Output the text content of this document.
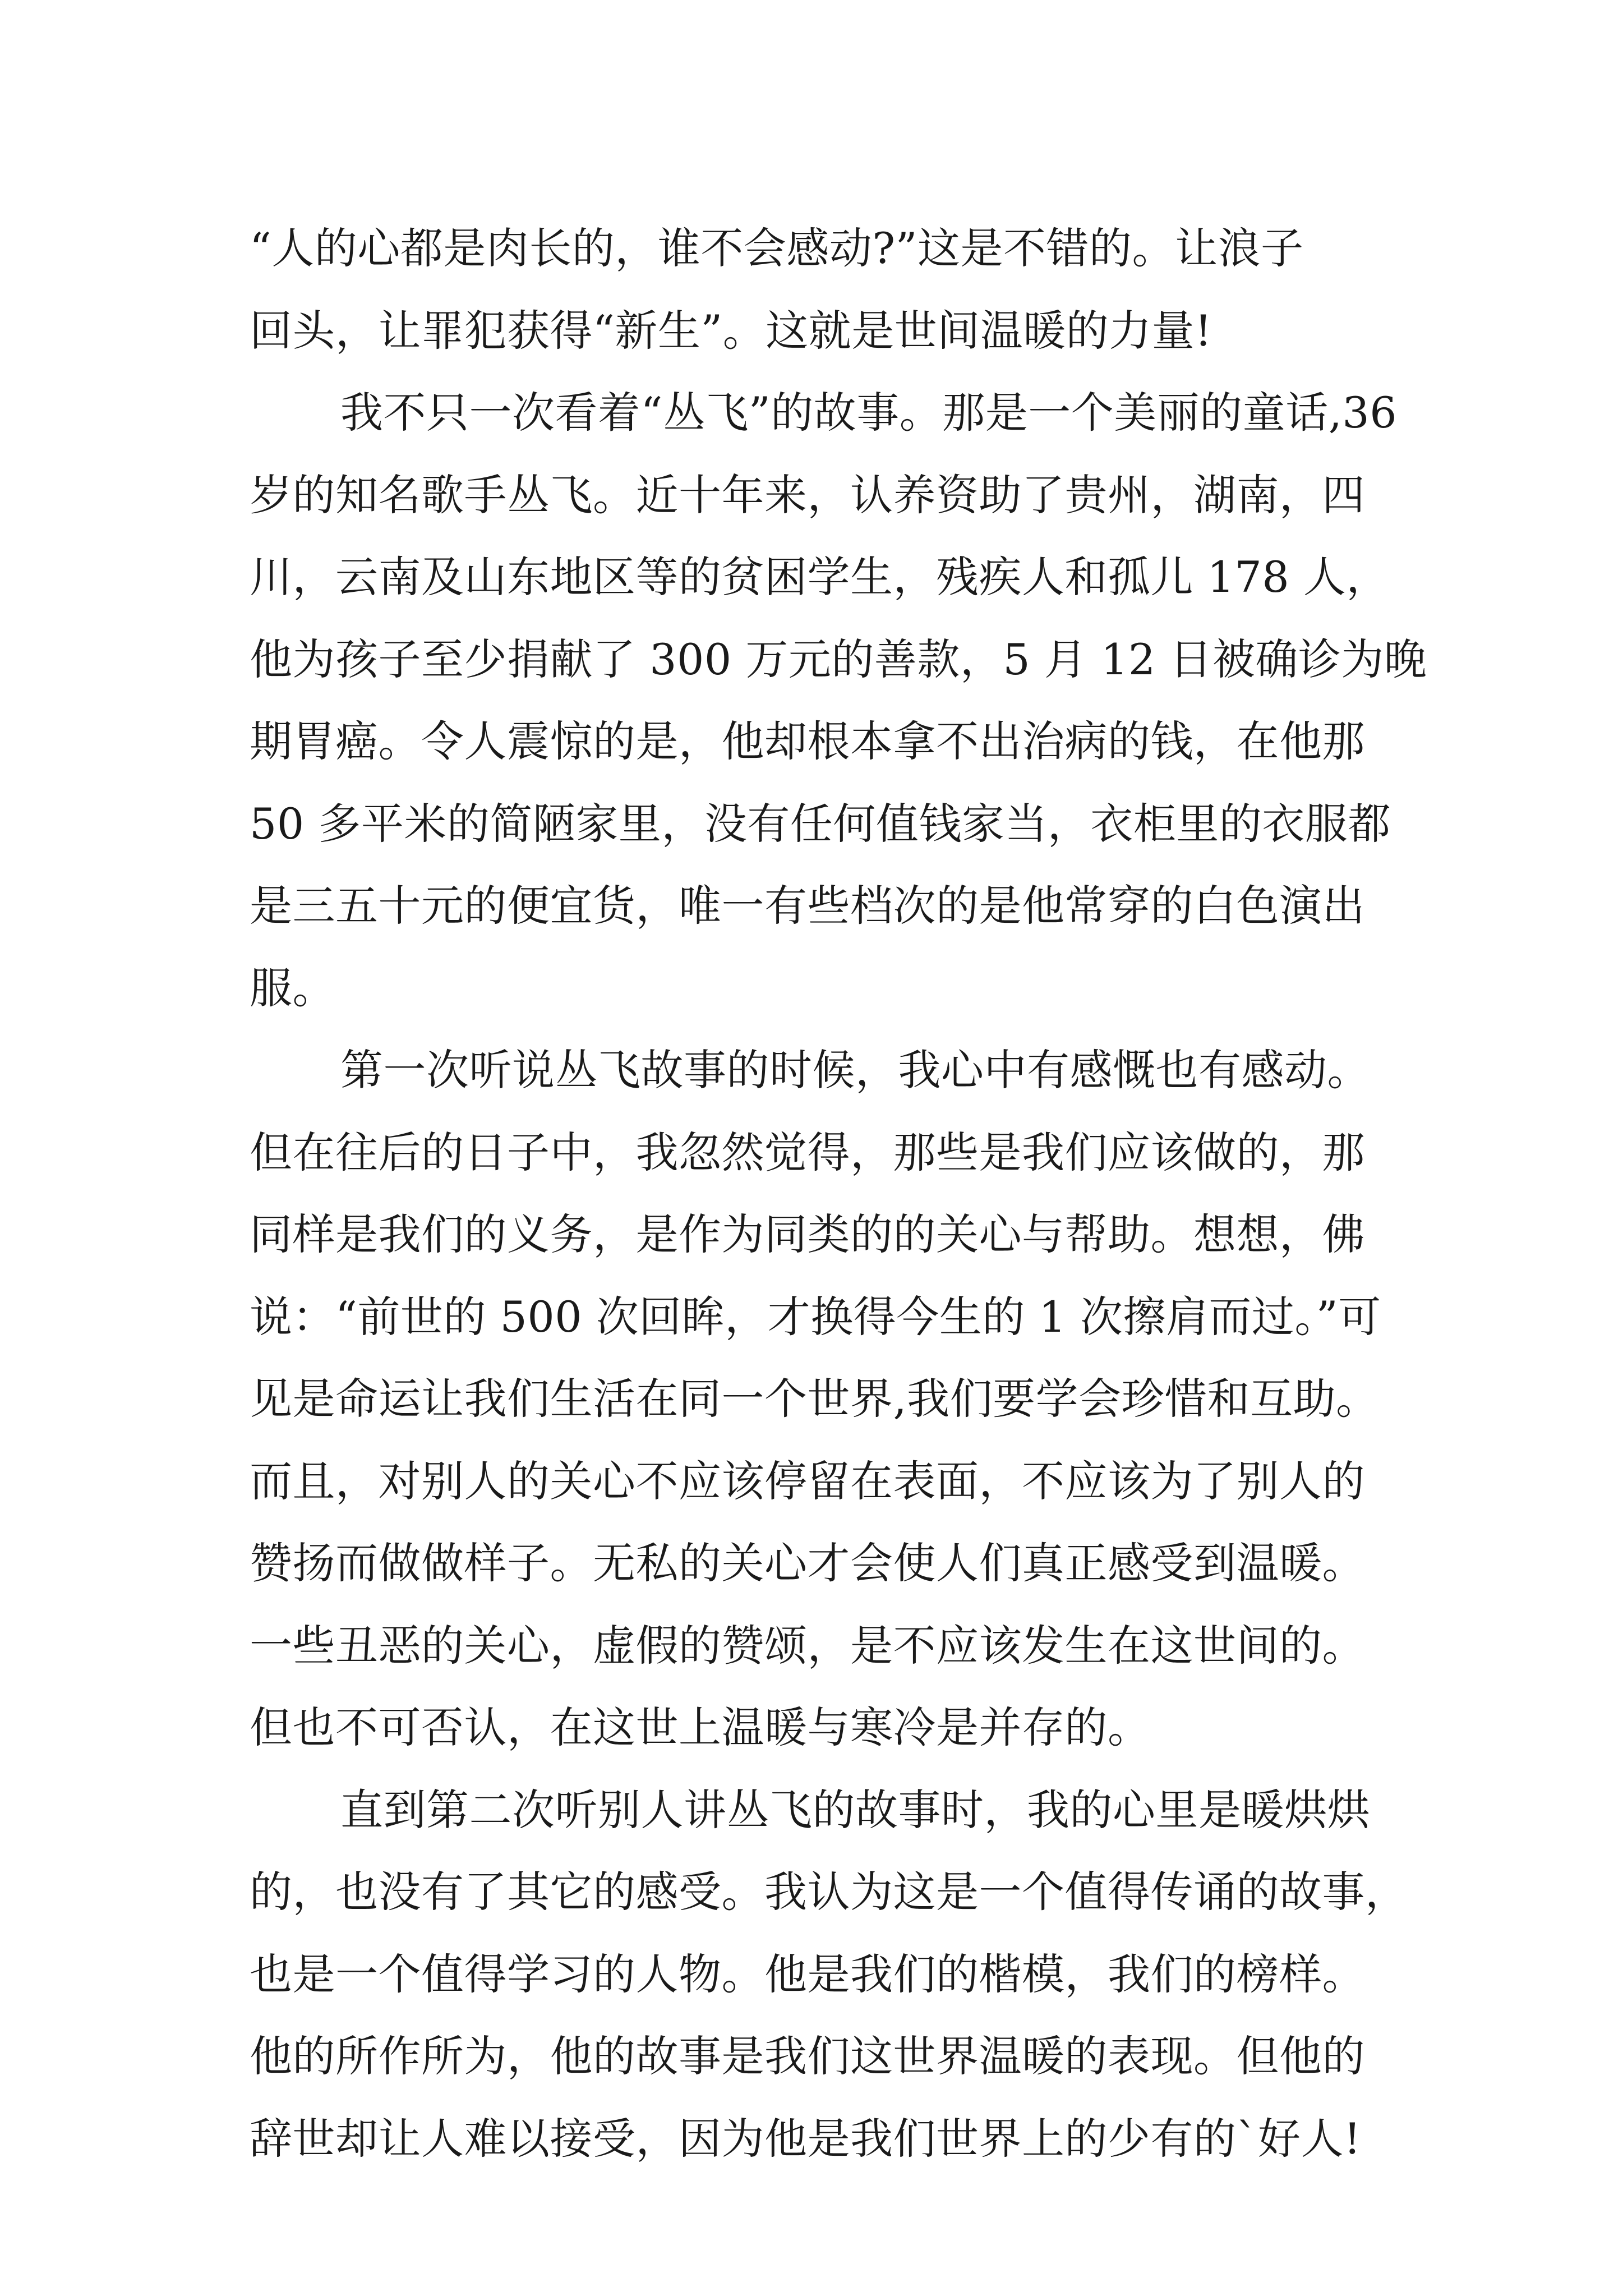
“人的心都是肉长的，谁不会感动?”这是不错的。让浪子
回头，让罪犯获得“新生”。这就是世间温暖的力量!
我不只一次看着“丛飞”的故事。那是一个美丽的童话,36
岁的知名歌手丛飞。近十年来，认养资助了贵州，湖南，四
川，云南及山东地区等的贫困学生，残疾人和孤儿 178 人，
他为孩子至少捐献了 300 万元的善款，5 月 12 日被确诊为晚
期胃癌。令人震惊的是，他却根本拿不出治病的钱，在他那
50 多平米的简陋家里，没有任何值钱家当，衣柜里的衣服都
是三五十元的便宜货，唯一有些档次的是他常穿的白色演出
服。
第一次听说丛飞故事的时候，我心中有感慨也有感动。
但在往后的日子中，我忽然觉得，那些是我们应该做的，那
同样是我们的义务，是作为同类的的关心与帮助。想想，佛
说：“前世的 500 次回眸，才换得今生的 1 次擦肩而过。”可
见是命运让我们生活在同一个世界,我们要学会珍惜和互助。
而且，对别人的关心不应该停留在表面，不应该为了别人的
赞扬而做做样子。无私的关心才会使人们真正感受到温暖。
一些丑恶的关心，虚假的赞颂，是不应该发生在这世间的。
但也不可否认，在这世上温暖与寒冷是并存的。
直到第二次听别人讲丛飞的故事时，我的心里是暖烘烘
的，也没有了其它的感受。我认为这是一个值得传诵的故事，
也是一个值得学习的人物。他是我们的楷模，我们的榜样。
他的所作所为，他的故事是我们这世界温暖的表现。但他的
辞世却让人难以接受，因为他是我们世界上的少有的`好人!
